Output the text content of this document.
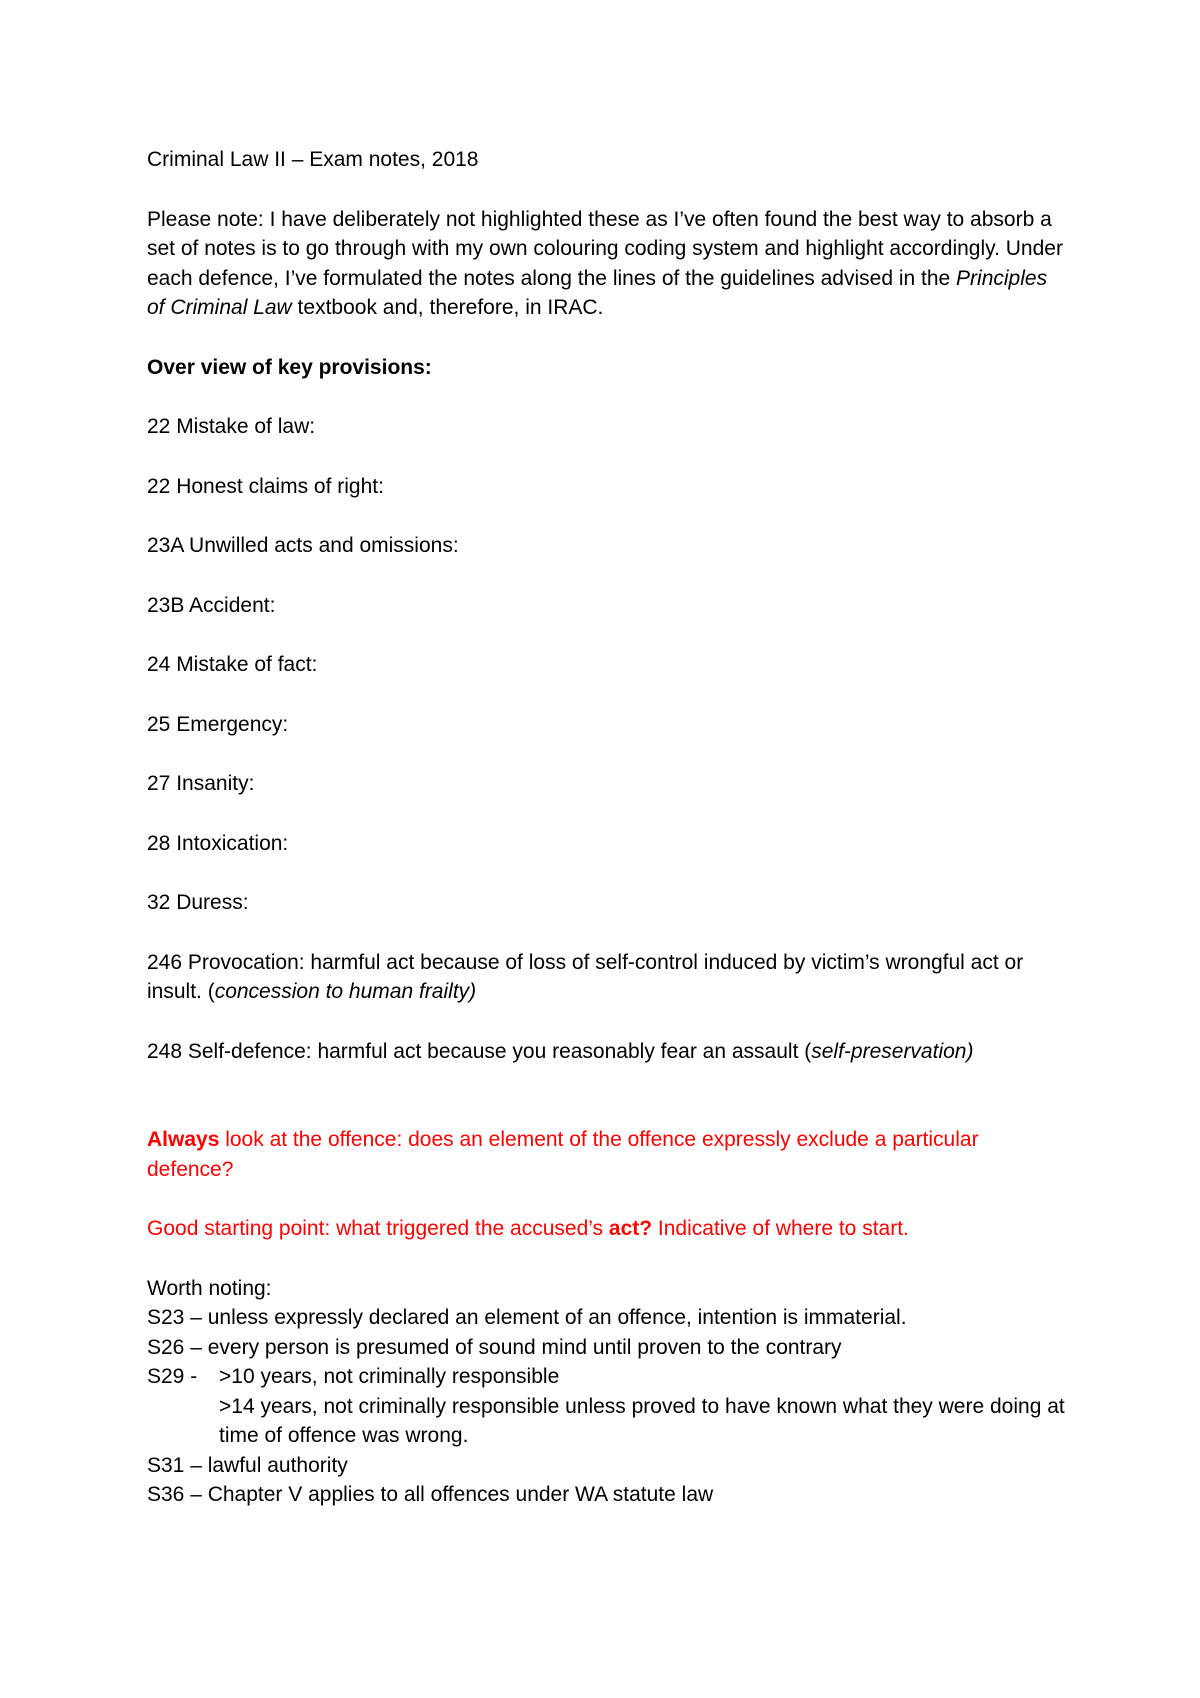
Criminal Law II – Exam notes, 2018

Please note: I have deliberately not highlighted these as I’ve often found the best way to absorb a set of notes is to go through with my own colouring coding system and highlight accordingly. Under each defence, I’ve formulated the notes along the lines of the guidelines advised in the Principles of Criminal Law textbook and, therefore, in IRAC.

Over view of key provisions:

22 Mistake of law:

22 Honest claims of right:

23A Unwilled acts and omissions:

23B Accident:

24 Mistake of fact:

25 Emergency:

27 Insanity:

28 Intoxication:

32 Duress:

246 Provocation: harmful act because of loss of self-control induced by victim’s wrongful act or insult. (concession to human frailty)

248 Self-defence: harmful act because you reasonably fear an assault (self-preservation)

Always look at the offence: does an element of the offence expressly exclude a particular defence?

Good starting point: what triggered the accused’s act? Indicative of where to start.

Worth noting:

S23 – unless expressly declared an element of an offence, intention is immaterial.

S26 – every person is presumed of sound mind until proven to the contrary

S29 -	>10 years, not criminally responsible
>14 years, not criminally responsible unless proved to have known what they were doing at time of offence was wrong.

S31 – lawful authority

S36 – Chapter V applies to all offences under WA statute law
